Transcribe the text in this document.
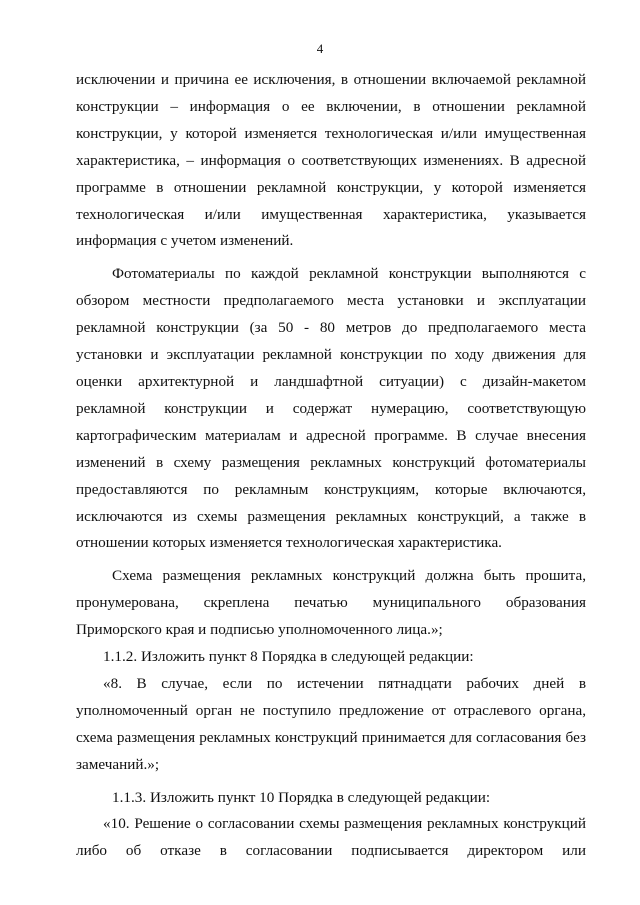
4

исключении и причина ее исключения, в отношении включаемой рекламной конструкции – информация о ее включении, в отношении рекламной конструкции, у которой изменяется технологическая и/или имущественная характеристика, – информация о соответствующих изменениях. В адресной программе в отношении рекламной конструкции, у которой изменяется технологическая и/или имущественная характеристика, указывается информация с учетом изменений.

Фотоматериалы по каждой рекламной конструкции выполняются с обзором местности предполагаемого места установки и эксплуатации рекламной конструкции (за 50 - 80 метров до предполагаемого места установки и эксплуатации рекламной конструкции по ходу движения для оценки архитектурной и ландшафтной ситуации) с дизайн-макетом рекламной конструкции и содержат нумерацию, соответствующую картографическим материалам и адресной программе. В случае внесения изменений в схему размещения рекламных конструкций фотоматериалы предоставляются по рекламным конструкциям, которые включаются, исключаются из схемы размещения рекламных конструкций, а также в отношении которых изменяется технологическая характеристика.

Схема размещения рекламных конструкций должна быть прошита, пронумерована, скреплена печатью муниципального образования Приморского края и подписью уполномоченного лица.»;

1.1.2. Изложить пункт 8 Порядка в следующей редакции:

«8. В случае, если по истечении пятнадцати рабочих дней в уполномоченный орган не поступило предложение от отраслевого органа, схема размещения рекламных конструкций принимается для согласования без замечаний.»;

1.1.3. Изложить пункт 10 Порядка в следующей редакции:

«10. Решение о согласовании схемы размещения рекламных конструкций либо об отказе в согласовании подписывается директором или
